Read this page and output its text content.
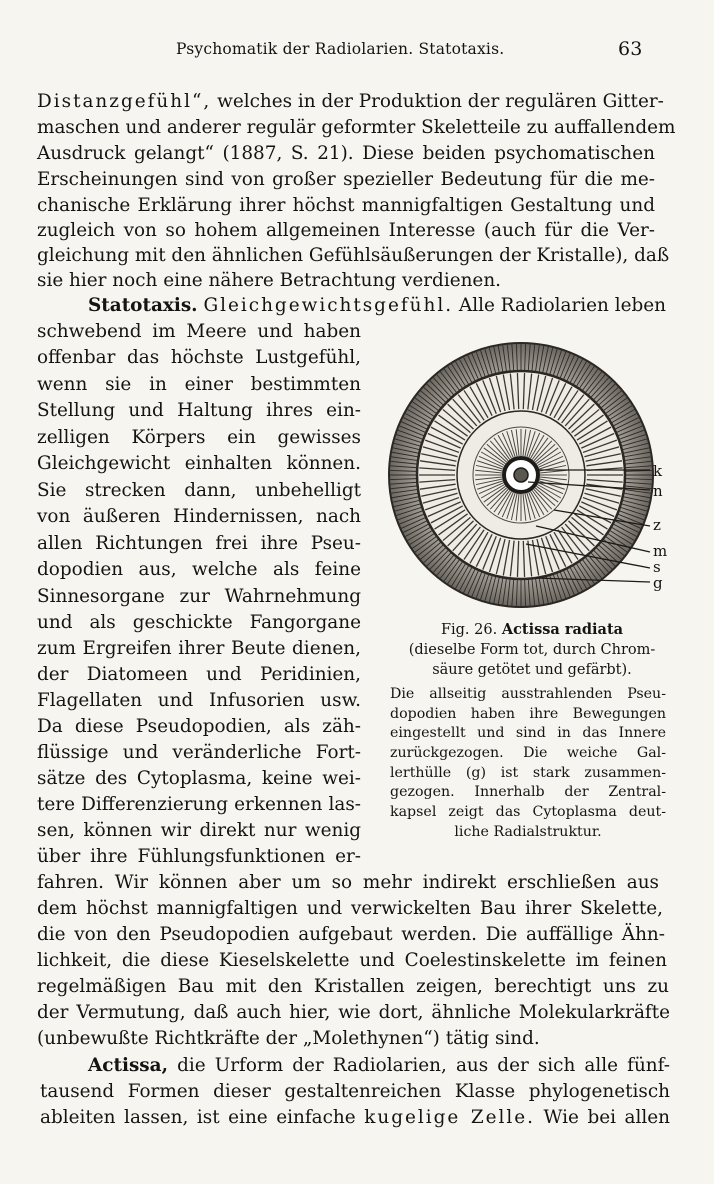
Psychomatik der Radiolarien. Statotaxis.	63
Distanzgefühl“, welches in der Produktion der regulären Gitter-
maschen und anderer regulär geformter Skeletteile zu auffallendem
Ausdruck gelangt“ (1887, S. 21). Diese beiden psychomatischen
Erscheinungen sind von großer spezieller Bedeutung für die me-
chanische Erklärung ihrer höchst mannigfaltigen Gestaltung und
zugleich von so hohem allgemeinen Interesse (auch für die Ver-
gleichung mit den ähnlichen Gefühlsäußerungen der Kristalle), daß
sie hier noch eine nähere Betrachtung verdienen.
Statotaxis. Gleichgewichtsgefühl. Alle Radiolarien leben
schwebend im Meere und haben
offenbar das höchste Lustgefühl,
wenn sie in einer bestimmten
Stellung und Haltung ihres ein-
zelligen Körpers ein gewisses
Gleichgewicht einhalten können.
Sie strecken dann, unbehelligt
von äußeren Hindernissen, nach
allen Richtungen frei ihre Pseu-
dopodien aus, welche als feine
Sinnesorgane zur Wahrnehmung
und als geschickte Fangorgane
zum Ergreifen ihrer Beute dienen,
der Diatomeen und Peridinien,
Flagellaten und Infusorien usw.
Da diese Pseudopodien, als zäh-
flüssige und veränderliche Fort-
sätze des Cytoplasma, keine wei-
tere Differenzierung erkennen las-
sen, können wir direkt nur wenig
über ihre Fühlungsfunktionen er-
fahren. Wir können aber um so mehr indirekt erschließen aus
dem höchst mannigfaltigen und verwickelten Bau ihrer Skelette,
die von den Pseudopodien aufgebaut werden. Die auffällige Ähn-
lichkeit, die diese Kieselskelette und Coelestinskelette im feinen
regelmäßigen Bau mit den Kristallen zeigen, berechtigt uns zu
der Vermutung, daß auch hier, wie dort, ähnliche Molekularkräfte
(unbewußte Richtkräfte der „Molethynen“) tätig sind.
Actissa, die Urform der Radiolarien, aus der sich alle fünf-
tausend Formen dieser gestaltenreichen Klasse phylogenetisch
ableiten lassen, ist eine einfache kugelige Zelle. Wie bei allen
k
n
z
m
s
g
Fig. 26. Actissa radiata
(dieselbe Form tot, durch Chrom-
säure getötet und gefärbt).
Die allseitig ausstrahlenden Pseu-
dopodien haben ihre Bewegungen
eingestellt und sind in das Innere
zurückgezogen. Die weiche Gal-
lerthülle (g) ist stark zusammen-
gezogen. Innerhalb der Zentral-
kapsel zeigt das Cytoplasma deut-
liche Radialstruktur.
